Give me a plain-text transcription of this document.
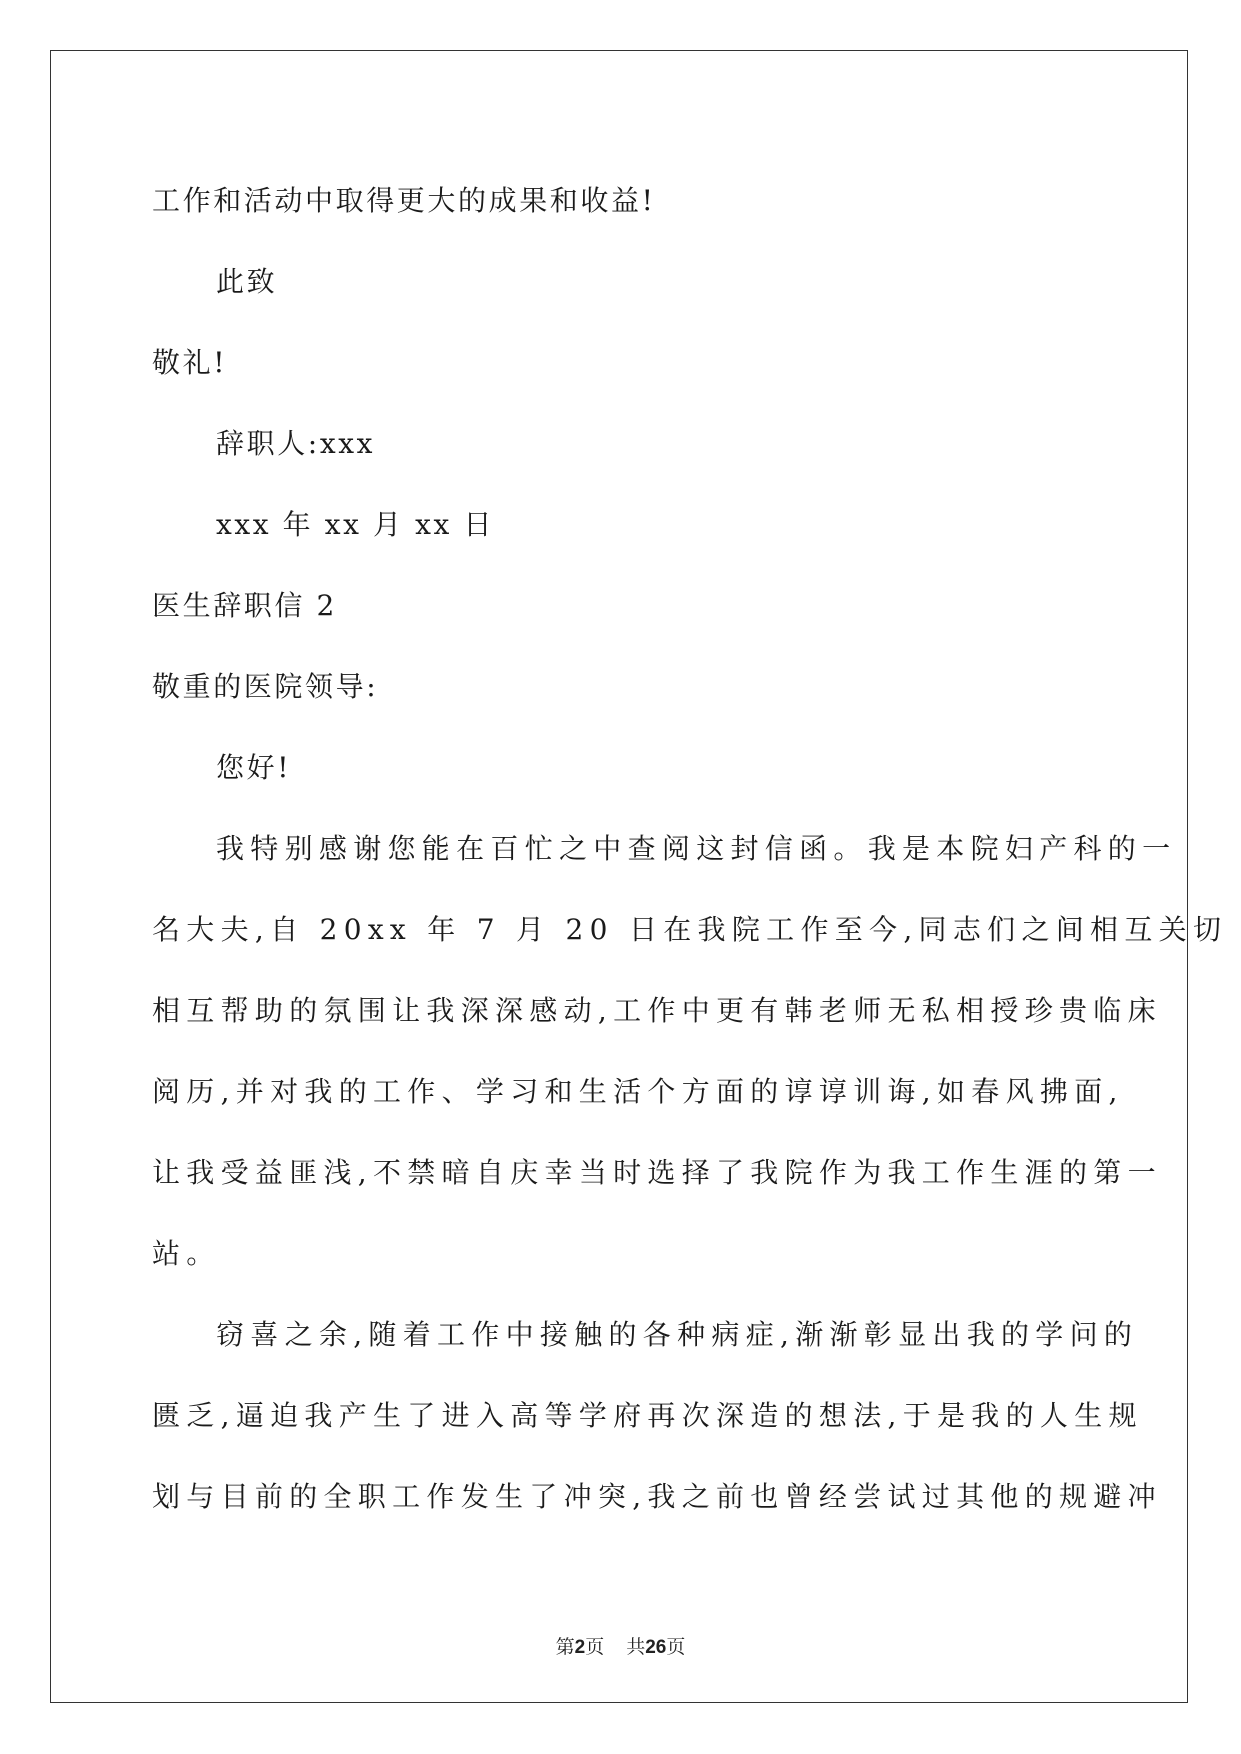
工作和活动中取得更大的成果和收益!
此致
敬礼!
辞职人:xxx
xxx 年 xx 月 xx 日
医生辞职信 2
敬重的医院领导:
您好!
我特别感谢您能在百忙之中查阅这封信函。我是本院妇产科的一
名大夫,自 20xx 年 7 月 20 日在我院工作至今,同志们之间相互关切
相互帮助的氛围让我深深感动,工作中更有韩老师无私相授珍贵临床
阅历,并对我的工作、学习和生活个方面的谆谆训诲,如春风拂面,
让我受益匪浅,不禁暗自庆幸当时选择了我院作为我工作生涯的第一
站。
窃喜之余,随着工作中接触的各种病症,渐渐彰显出我的学问的
匮乏,逼迫我产生了进入高等学府再次深造的想法,于是我的人生规
划与目前的全职工作发生了冲突,我之前也曾经尝试过其他的规避冲
第2页 共26页
